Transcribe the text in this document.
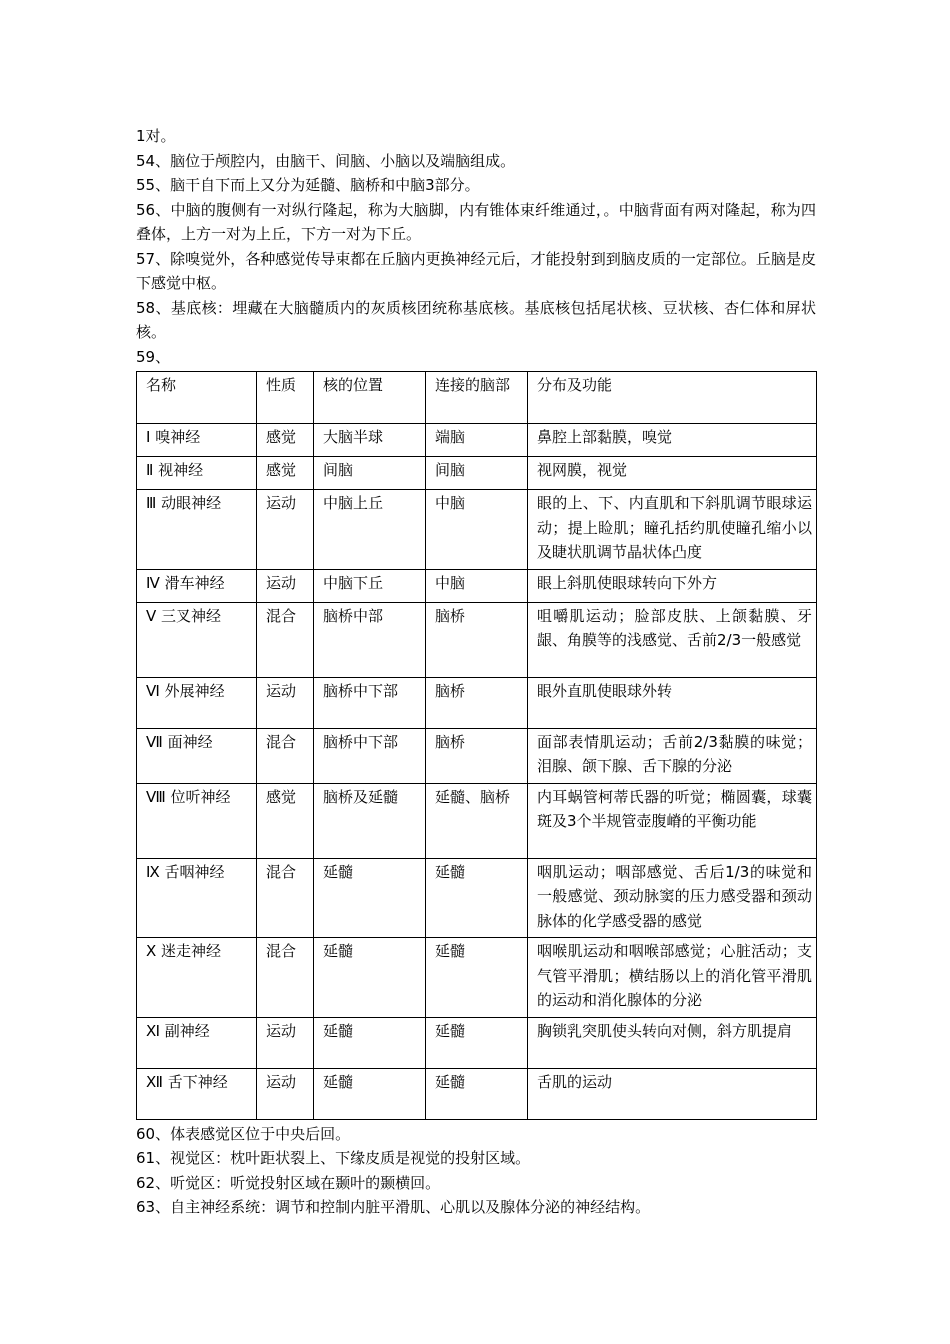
1对。

54、脑位于颅腔内，由脑干、间脑、小脑以及端脑组成。

55、脑干自下而上又分为延髓、脑桥和中脑3部分。

56、中脑的腹侧有一对纵行隆起，称为大脑脚，内有锥体束纤维通过，。中脑背面有两对隆起，称为四叠体，上方一对为上丘，下方一对为下丘。

57、除嗅觉外，各种感觉传导束都在丘脑内更换神经元后，才能投射到到脑皮质的一定部位。丘脑是皮下感觉中枢。

58、基底核：埋藏在大脑髓质内的灰质核团统称基底核。基底核包括尾状核、豆状核、杏仁体和屏状核。

59、

名称	性质	核的位置	连接的脑部	分布及功能
Ⅰ 嗅神经	感觉	大脑半球	端脑	鼻腔上部黏膜，嗅觉
Ⅱ 视神经	感觉	间脑	间脑	视网膜，视觉
Ⅲ 动眼神经	运动	中脑上丘	中脑	眼的上、下、内直肌和下斜肌调节眼球运动；提上睑肌；瞳孔括约肌使瞳孔缩小以及睫状肌调节晶状体凸度
Ⅳ 滑车神经	运动	中脑下丘	中脑	眼上斜肌使眼球转向下外方
Ⅴ 三叉神经	混合	脑桥中部	脑桥	咀嚼肌运动；脸部皮肤、上颌黏膜、牙龈、角膜等的浅感觉、舌前2/3一般感觉
Ⅵ 外展神经	运动	脑桥中下部	脑桥	眼外直肌使眼球外转
Ⅶ 面神经	混合	脑桥中下部	脑桥	面部表情肌运动；舌前2/3黏膜的味觉；泪腺、颌下腺、舌下腺的分泌
Ⅷ 位听神经	感觉	脑桥及延髓	延髓、脑桥	内耳蜗管柯蒂氏器的听觉；椭圆囊，球囊斑及3个半规管壶腹嵴的平衡功能
Ⅸ 舌咽神经	混合	延髓	延髓	咽肌运动；咽部感觉、舌后1/3的味觉和一般感觉、颈动脉窦的压力感受器和颈动脉体的化学感受器的感觉
Ⅹ 迷走神经	混合	延髓	延髓	咽喉肌运动和咽喉部感觉；心脏活动；支气管平滑肌；横结肠以上的消化管平滑肌的运动和消化腺体的分泌
Ⅺ 副神经	运动	延髓	延髓	胸锁乳突肌使头转向对侧，斜方肌提肩
Ⅻ 舌下神经	运动	延髓	延髓	舌肌的运动

60、体表感觉区位于中央后回。

61、视觉区：枕叶距状裂上、下缘皮质是视觉的投射区域。

62、听觉区：听觉投射区域在颞叶的颞横回。

63、自主神经系统：调节和控制内脏平滑肌、心肌以及腺体分泌的神经结构。
